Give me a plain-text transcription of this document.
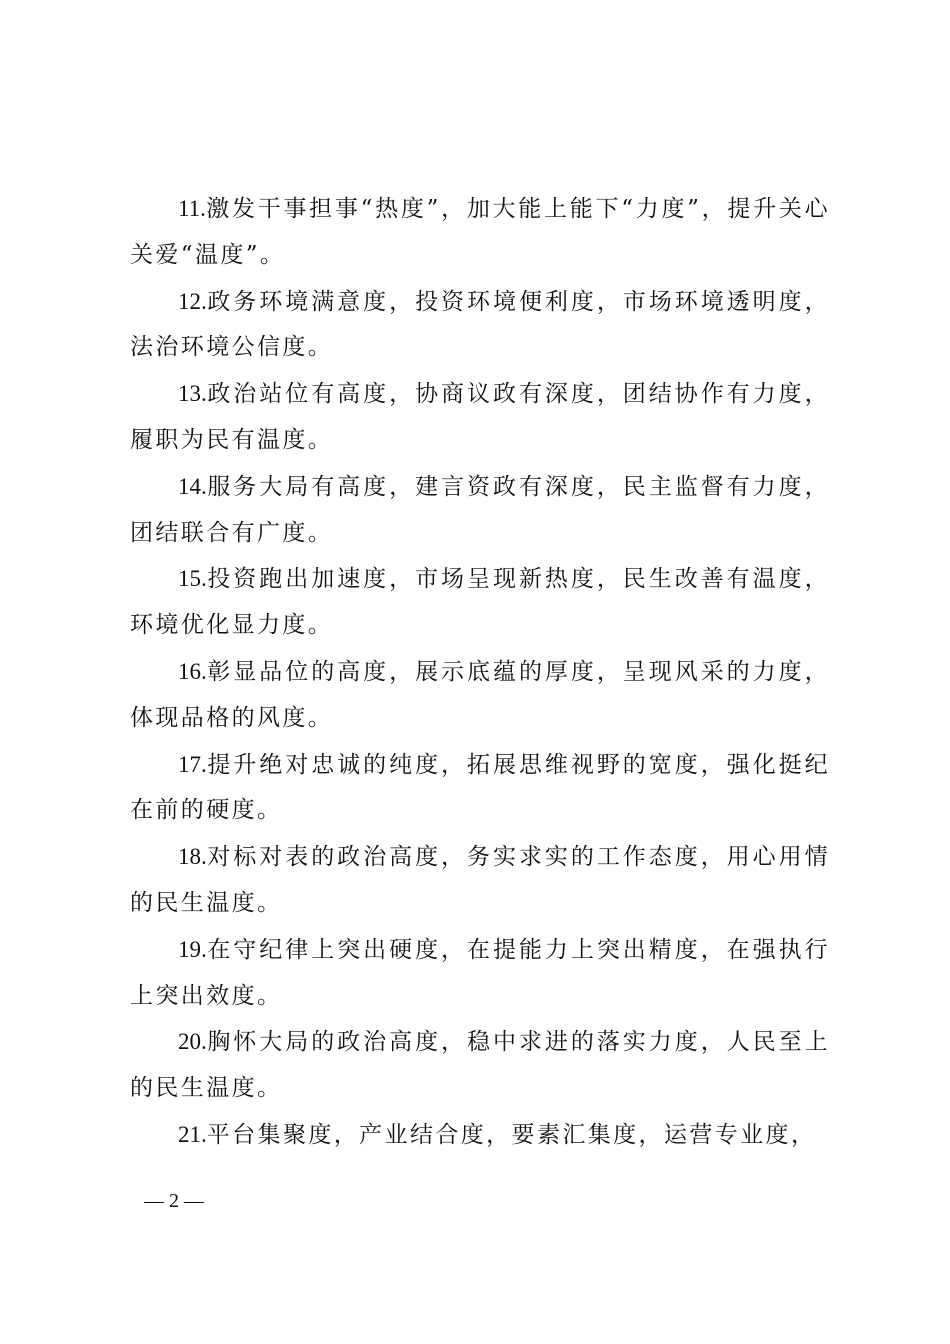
11.激发干事担事“热度”，加大能上能下“力度”，提升关心关爱“温度”。

12.政务环境满意度，投资环境便利度，市场环境透明度，法治环境公信度。

13.政治站位有高度，协商议政有深度，团结协作有力度，履职为民有温度。

14.服务大局有高度，建言资政有深度，民主监督有力度，团结联合有广度。

15.投资跑出加速度，市场呈现新热度，民生改善有温度，环境优化显力度。

16.彰显品位的高度，展示底蕴的厚度，呈现风采的力度，体现品格的风度。

17.提升绝对忠诚的纯度，拓展思维视野的宽度，强化挺纪在前的硬度。

18.对标对表的政治高度，务实求实的工作态度，用心用情的民生温度。

19.在守纪律上突出硬度，在提能力上突出精度，在强执行上突出效度。

20.胸怀大局的政治高度，稳中求进的落实力度，人民至上的民生温度。

21.平台集聚度，产业结合度，要素汇集度，运营专业度，

— 2 —
